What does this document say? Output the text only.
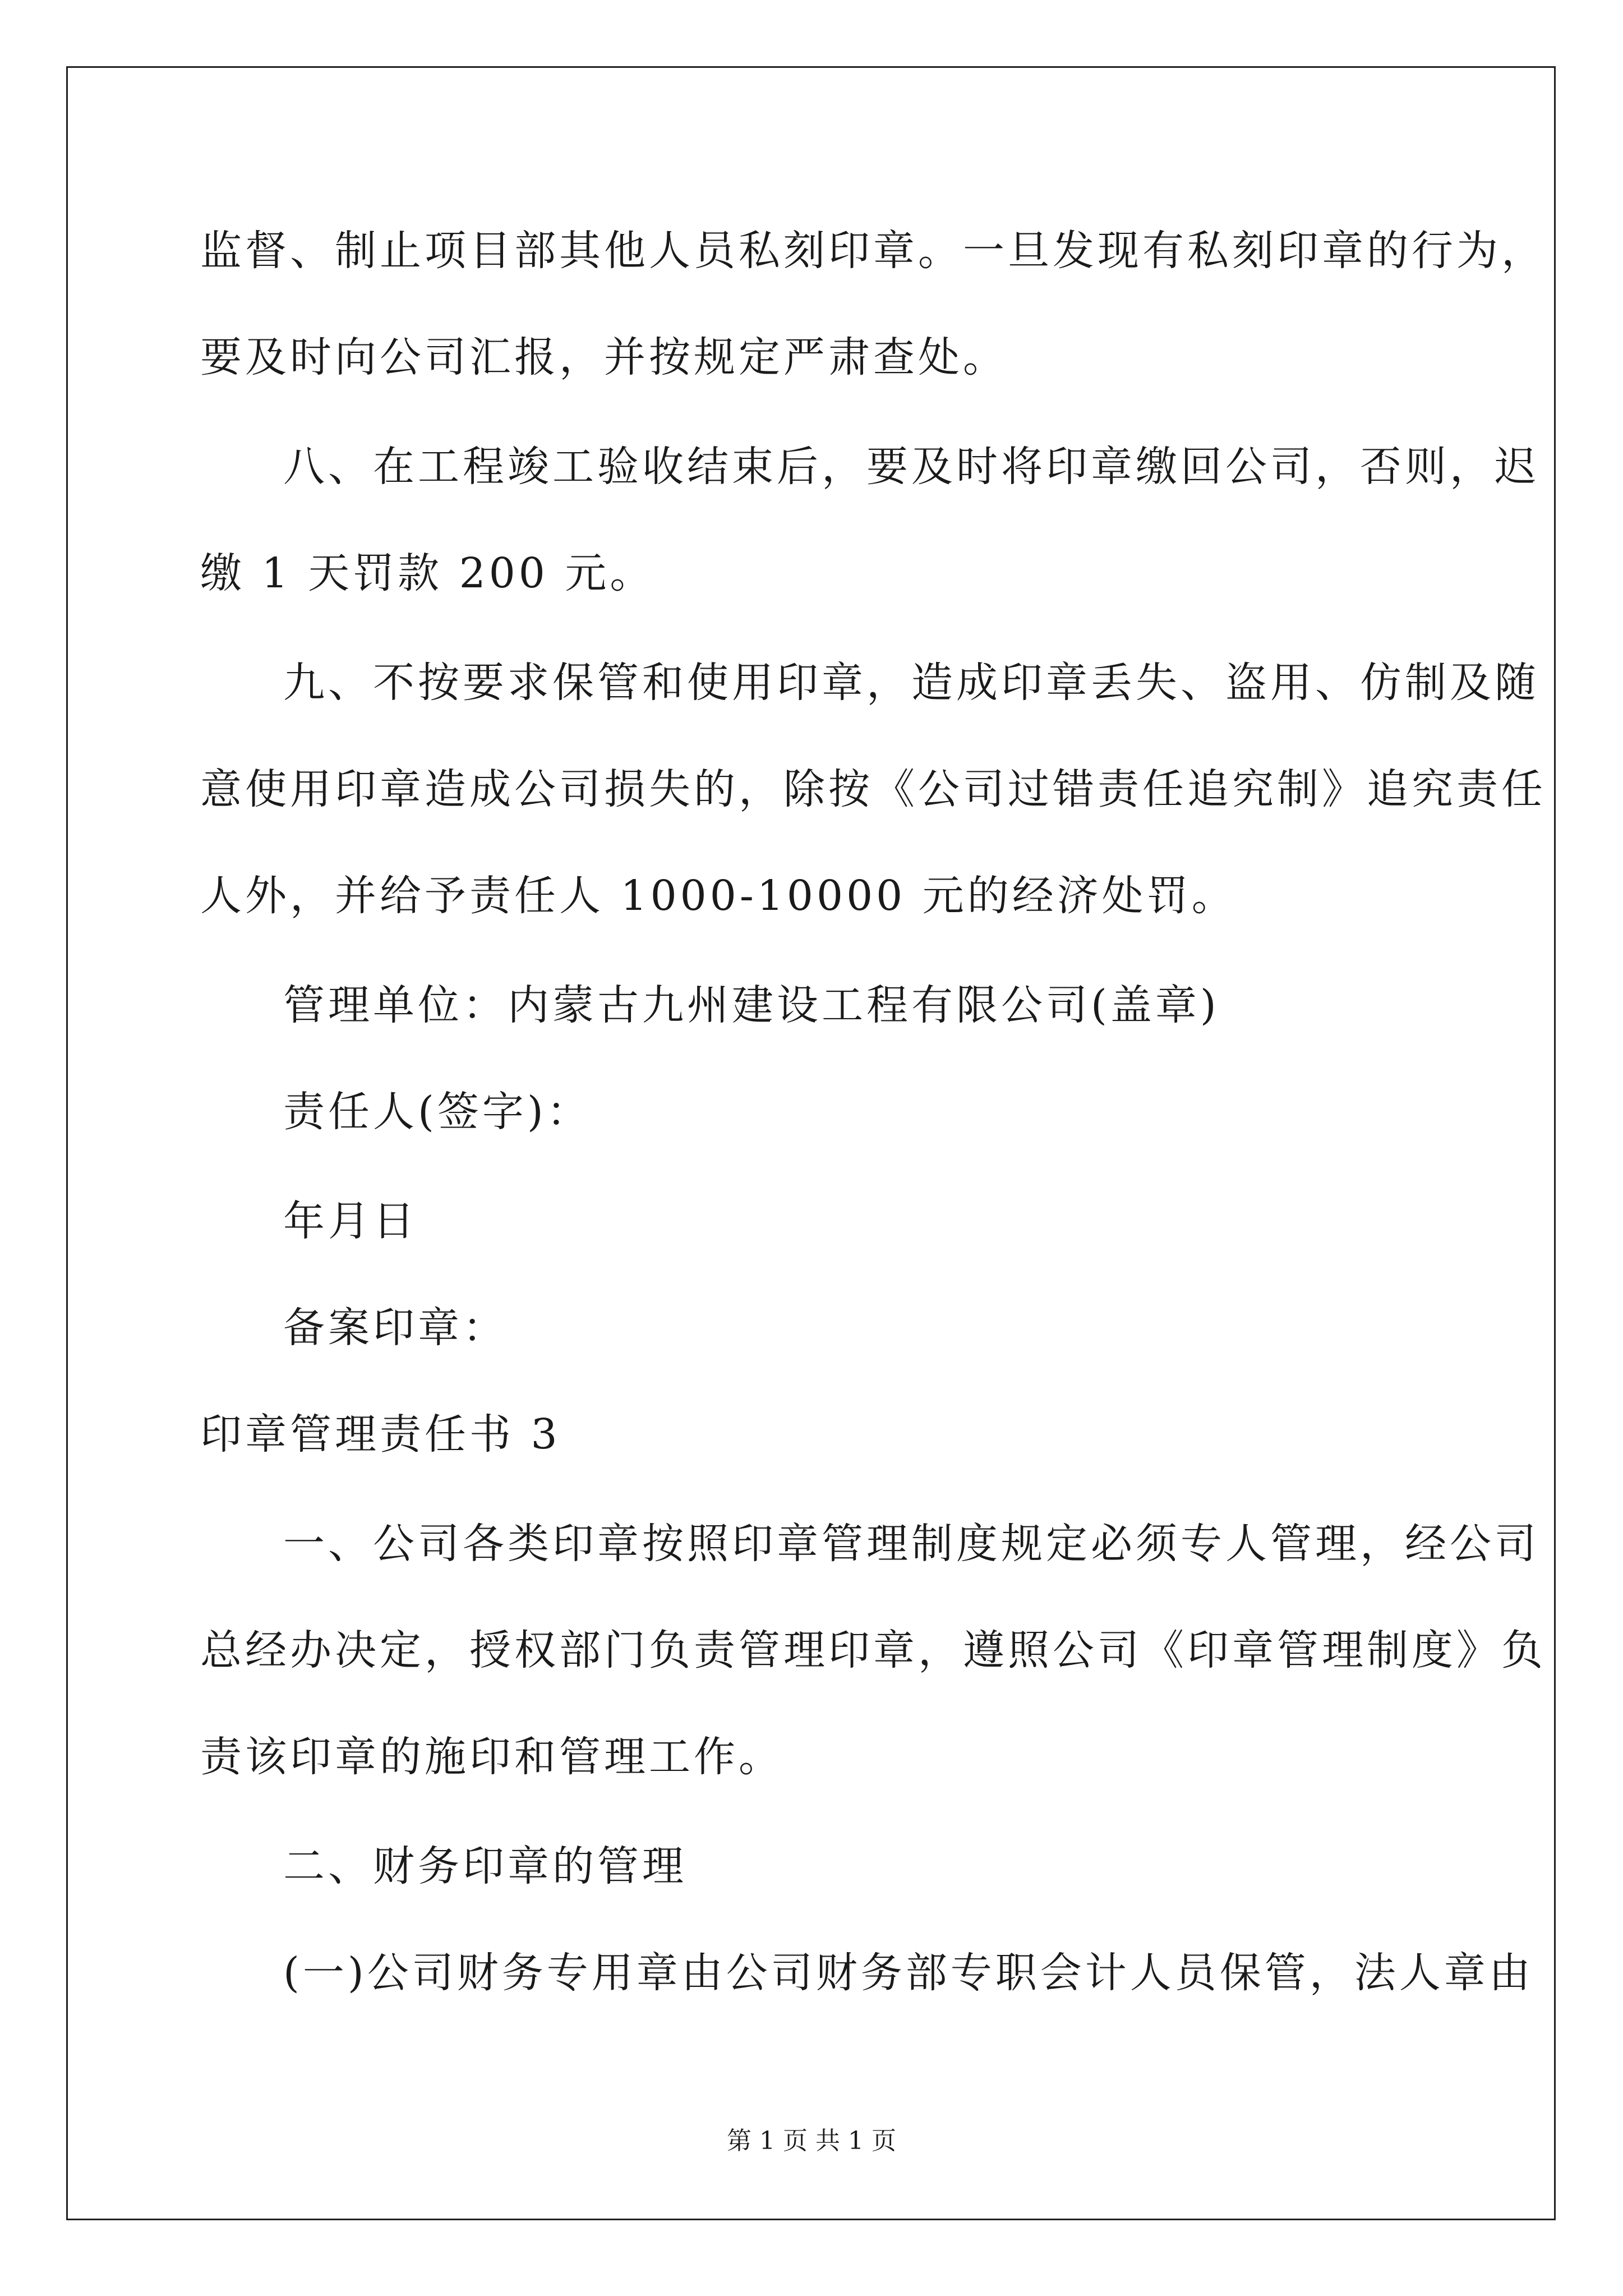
监督、制止项目部其他人员私刻印章。一旦发现有私刻印章的行为，
要及时向公司汇报，并按规定严肃查处。
八、在工程竣工验收结束后，要及时将印章缴回公司，否则，迟
缴 1 天罚款 200 元。
九、不按要求保管和使用印章，造成印章丢失、盗用、仿制及随
意使用印章造成公司损失的，除按《公司过错责任追究制》追究责任
人外，并给予责任人 1000-10000 元的经济处罚。
管理单位：内蒙古九州建设工程有限公司(盖章)
责任人(签字)：
年月日
备案印章：
印章管理责任书 3
一、公司各类印章按照印章管理制度规定必须专人管理，经公司
总经办决定，授权部门负责管理印章，遵照公司《印章管理制度》负
责该印章的施印和管理工作。
二、财务印章的管理
(一)公司财务专用章由公司财务部专职会计人员保管，法人章由
第 1 页 共 1 页
